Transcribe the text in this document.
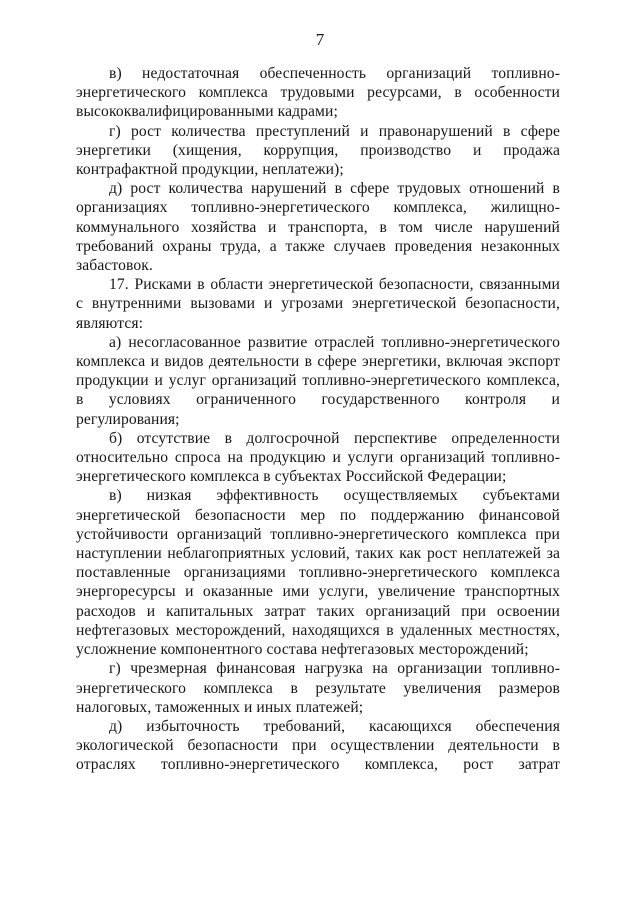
7

в) недостаточная обеспеченность организаций топливно-энергетического комплекса трудовыми ресурсами, в особенности высококвалифицированными кадрами;

г) рост количества преступлений и правонарушений в сфере энергетики (хищения, коррупция, производство и продажа контрафактной продукции, неплатежи);

д) рост количества нарушений в сфере трудовых отношений в организациях топливно-энергетического комплекса, жилищно-коммунального хозяйства и транспорта, в том числе нарушений требований охраны труда, а также случаев проведения незаконных забастовок.

17. Рисками в области энергетической безопасности, связанными с внутренними вызовами и угрозами энергетической безопасности, являются:

а) несогласованное развитие отраслей топливно-энергетического комплекса и видов деятельности в сфере энергетики, включая экспорт продукции и услуг организаций топливно-энергетического комплекса, в условиях ограниченного государственного контроля и регулирования;

б) отсутствие в долгосрочной перспективе определенности относительно спроса на продукцию и услуги организаций топливно-энергетического комплекса в субъектах Российской Федерации;

в) низкая эффективность осуществляемых субъектами энергетической безопасности мер по поддержанию финансовой устойчивости организаций топливно-энергетического комплекса при наступлении неблагоприятных условий, таких как рост неплатежей за поставленные организациями топливно-энергетического комплекса энергоресурсы и оказанные ими услуги, увеличение транспортных расходов и капитальных затрат таких организаций при освоении нефтегазовых месторождений, находящихся в удаленных местностях, усложнение компонентного состава нефтегазовых месторождений;

г) чрезмерная финансовая нагрузка на организации топливно-энергетического комплекса в результате увеличения размеров налоговых, таможенных и иных платежей;

д) избыточность требований, касающихся обеспечения экологической безопасности при осуществлении деятельности в отраслях топливно-энергетического комплекса, рост затрат
